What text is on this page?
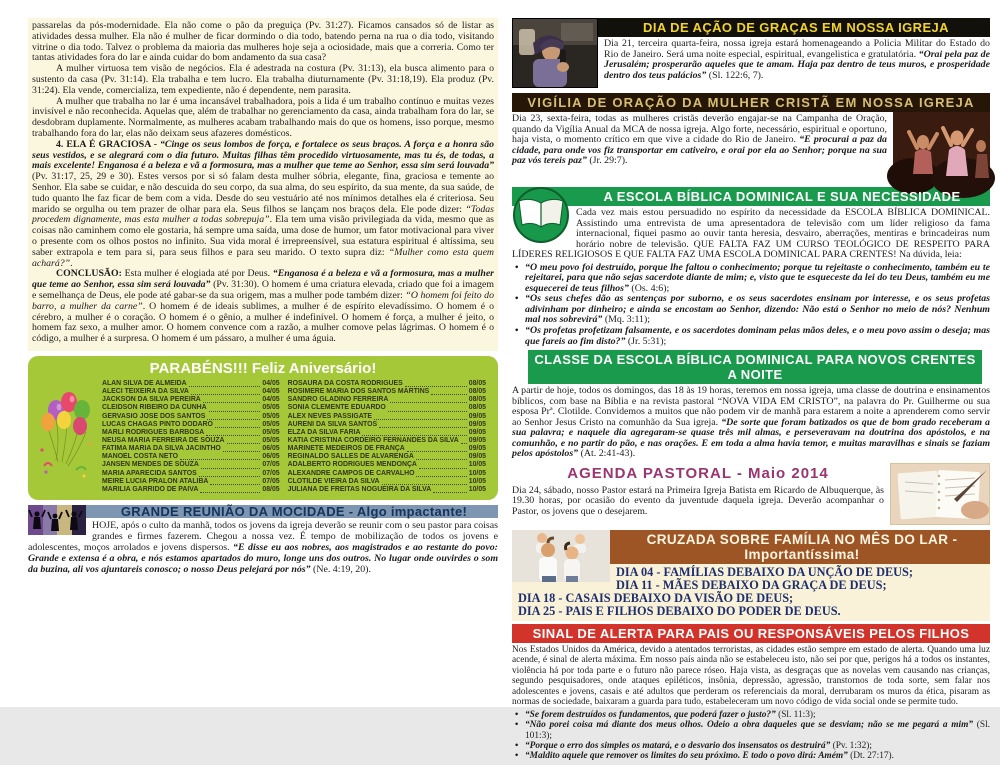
passarelas da pós-modernidade. Ela não come o pão da preguiça (Pv. 31:27). Ficamos cansados só de listar as atividades dessa mulher. Ela não é mulher de ficar dormindo o dia todo, batendo perna na rua o dia todo, visitando vitrine o dia todo. Talvez o problema da maioria das mulheres hoje seja a ociosidade, mais que a correria. Como ter tantas atividades fora do lar e ainda cuidar do bom andamento da sua casa?

A mulher virtuosa tem visão de negócios. Ela é adestrada na costura (Pv. 31:13), ela busca alimento para o sustento da casa (Pv. 31:14). Ela trabalha e tem lucro. Ela trabalha diuturnamente (Pv. 31:18,19). Ela produz (Pv. 31:24). Ela vende, comercializa, tem expediente, não é dependente, nem parasita.

A mulher que trabalha no lar é uma incansável trabalhadora, pois a lida é um trabalho contínuo e muitas vezes invisível e não reconhecida. Aquelas que, além de trabalhar no gerenciamento da casa, ainda trabalham fora do lar, se desdobram duplamente. Normalmente, as mulheres acabam trabalhando mais do que os homens, isso porque, mesmo trabalhando fora do lar, elas não deixam seus afazeres domésticos.

4. ELA É GRACIOSA - “Cinge os seus lombos de força, e fortalece os seus braços. A força e a honra são seus vestidos, e se alegrará com o dia futuro. Muitas filhas têm procedido virtuosamente, mas tu és, de todas, a mais excelente! Enganosa é a beleza e vã a formosura, mas a mulher que teme ao Senhor, essa sim será louvada” (Pv. 31:17, 25, 29 e 30). Estes versos por si só falam desta mulher sóbria, elegante, fina, graciosa e temente ao Senhor. Ela sabe se cuidar, e não descuida do seu corpo, da sua alma, do seu espírito, da sua mente, da sua saúde, de tudo quanto lhe faz ficar de bem com a vida. Desde do seu vestuário até nos mínimos detalhes ela é criteriosa. Seu marido se orgulha ou tem prazer de olhar para ela. Seus filhos se lançam nos braços dela. Ele pode dizer: “Todas procedem dignamente, mas esta mulher a todas sobrepuja”. Ela tem uma visão privilegiada da vida, mesmo que as coisas não caminhem como ele gostaria, há sempre uma saída, uma dose de humor, um fator motivacional para viver o presente com os olhos postos no infinito. Sua vida moral é irrepreensível, sua estatura espiritual é altíssima, seu saber extrapola e tem para si, para seus filhos e para seu marido. O texto supra diz: “Mulher como esta quem achará?”.

CONCLUSÃO: Esta mulher é elogiada até por Deus. “Enganosa é a beleza e vã a formosura, mas a mulher que teme ao Senhor, essa sim será louvada” (Pv. 31:30). O homem é uma criatura elevada, criado que foi a imagem e semelhança de Deus, ele pode até gabar-se da sua origem, mas a mulher pode também dizer: “O homem foi feito do barro, a mulher da carne”. O homem é de ideais sublimes, a mulher é de espírito elevadíssimo. O homem é o cérebro, a mulher é o coração. O homem é o gênio, a mulher é indefinível. O homem é força, a mulher é jeito, o homem faz sexo, a mulher amor. O homem convence com a razão, a mulher comove pelas lágrimas. O homem é o código, a mulher é a surpresa. O homem é um pássaro, a mulher é uma águia.

PARABÉNS!!! Feliz Aniversário!
ALAN SILVA DE ALMEIDA	04/05
ALECI TEIXEIRA DA SILVA	04/05
JACKSON DA SILVA PEREIRA	04/05
CLEIDSON RIBEIRO DA CUNHA	05/05
GERVASIO JOSE DOS SANTOS	05/05
LUCAS CHAGAS PINTO DODARO	05/05
MARLI RODRIGUES BARBOSA	05/05
NEUSA MARIA FERREIRA DE SOUZA	05/05
FATIMA MARIA DA SILVA JACINTHO	06/05
MANOEL COSTA NETO	06/05
JANSEN MENDES DE SOUZA	07/05
MARIA APARECIDA SANTOS	07/05
MEIRE LUCIA PRALON ATALIBA	07/05
MARILIA GARRIDO DE PAIVA	08/05
ROSAURA DA COSTA RODRIGUES	08/05
ROSIMERE MARIA DOS SANTOS MARTINS	08/05
SANDRO GLADINO FERREIRA	08/05
SONIA CLEMENTE EDUARDO	08/05
ALEX NEVES PASSIGATE	09/05
AURENI DA SILVA SANTOS	09/05
ELZA DA SILVA FARIA	09/05
KATIA CRISTINA CORDEIRO FERNANDES DA SILVA 09/05
MARINETE MEDEIROS DE FRANÇA	09/05
REGINALDO SALLES DE ALVARENGA	09/05
ADALBERTO RODRIGUES MENDONÇA	10/05
ALEXANDRE CAMPOS DE CARVALHO	10/05
CLOTILDE VIEIRA DA SILVA	10/05
JULIANA DE FREITAS NOGUEIRA DA SILVA	10/05
GRANDE REUNIÃO DA MOCIDADE - Algo impactante!
HOJE, após o culto da manhã, todos os jovens da igreja deverão se reunir com o seu pastor para coisas grandes e firmes fazerem. Chegou a nossa vez. É tempo de mobilização de todos os jovens e adolescentes, moços arrolados e jovens dispersos. “E disse eu aos nobres, aos magistrados e ao restante do povo: Grande e extensa é a obra, e nós estamos apartados do muro, longe uns dos outros. No lugar onde ouvirdes o som da buzina, ali vos ajuntareis conosco; o nosso Deus pelejará por nós” (Ne. 4:19, 20).
DIA DE AÇÃO DE GRAÇAS EM NOSSA IGREJA
Dia 21, terceira quarta-feira, nossa igreja estará homenageando a Policia Militar do Estado do Rio de Janeiro. Será uma noite especial, espiritual, evangelistica e gratulatória. “Orai pela paz de Jerusalém; prosperarão aqueles que te amam. Haja paz dentro de teus muros, e prosperidade dentro dos teus palácios” (Sl. 122:6, 7).
VIGÍLIA DE ORAÇÃO DA MULHER CRISTÃ EM NOSSA IGREJA
Dia 23, sexta-feira, todas as mulheres cristãs deverão engajar-se na Campanha de Oração, quando da Vigília Anual da MCA de nossa igreja. Algo forte, necessário, espiritual e oportuno, haja vista, o momento crítico em que vive a cidade do Rio de Janeiro. “E procurai a paz da cidade, para onde vos fiz transportar em cativeiro, e orai por ela ao Senhor; porque na sua paz vós tereis paz” (Jr. 29:7).
A ESCOLA BÍBLICA DOMINICAL E SUA NECESSIDADE
Cada vez mais estou persuadido no espírito da necessidade da ESCOLA BÍBLICA DOMINICAL. Assistindo uma entrevista de uma apresentadora de televisão com um líder religioso da fama internacional, fiquei pasmo ao ouvir tanta heresia, desvairo, aberrações, mentiras e brincadeiras num horário nobre de televisão. QUE FALTA FAZ UM CURSO TEOLÓGICO DE RESPEITO PARA LÍDERES RELIGIOSOS E QUE FALTA FAZ UMA ESCOLA DOMINICAL PARA CRENTES! Na dúvida, leia:
• “O meu povo foi destruído, porque lhe faltou o conhecimento; porque tu rejeitaste o conhecimento, também eu te rejeitarei, para que não sejas sacerdote diante de mim; e, visto que te esqueceste da lei do teu Deus, também eu me esquecerei de teus filhos” (Os. 4:6);
• “Os seus chefes dão as sentenças por suborno, e os seus sacerdotes ensinam por interesse, e os seus profetas adivinham por dinheiro; e ainda se encostam ao Senhor, dizendo: Não está o Senhor no meio de nós? Nenhum mal nos sobrevirá” (Mq. 3:11);
• “Os profetas profetizam falsamente, e os sacerdotes dominam pelas mãos deles, e o meu povo assim o deseja; mas que fareis ao fim disto?” (Jr. 5:31);
CLASSE DA ESCOLA BÍBLICA DOMINICAL PARA NOVOS CRENTES A NOITE
A partir de hoje, todos os domingos, das 18 às 19 horas, teremos em nossa igreja, uma classe de doutrina e ensinamentos bíblicos, com base na Bíblia e na revista pastoral “NOVA VIDA EM CRISTO”, na palavra do Pr. Guilherme ou sua esposa Prª. Clotilde. Convidemos a muitos que não podem vir de manhã para estarem a noite a aprenderem como servir ao Senhor Jesus Cristo na comunhão da Sua igreja. “De sorte que foram batizados os que de bom grado receberam a sua palavra; e naquele dia agregaram-se quase três mil almas, e perseveravam na doutrina dos apóstolos, e na comunhão, e no partir do pão, e nas orações. E em toda a alma havia temor, e muitas maravilhas e sinais se faziam pelos apóstolos” (At. 2:41-43).
AGENDA PASTORAL - Maio 2014
Dia 24, sábado, nosso Pastor estará na Primeira Igreja Batista em Ricardo de Albuquerque, às 19.30 horas, por ocasião do evento da juventude daquela igreja. Deverão acompanhar o Pastor, os jovens que o desejarem.
CRUZADA SOBRE FAMÍLIA NO MÊS DO LAR - Importantíssima!
DIA 04 - FAMÍLIAS DEBAIXO DA UNÇÃO DE DEUS;
DIA 11 - MÃES DEBAIXO DA GRAÇA DE DEUS;
DIA 18 - CASAIS DEBAIXO DA VISÃO DE DEUS;
DIA 25 - PAIS E FILHOS DEBAIXO DO PODER DE DEUS.
SINAL DE ALERTA PARA PAIS OU RESPONSÁVEIS PELOS FILHOS
Nos Estados Unidos da América, devido a atentados terroristas, as cidades estão sempre em estado de alerta. Quando uma luz acende, é sinal de alerta máxima. Em nosso país ainda não se estabeleceu isto, não sei por que, perigos há a todos os instantes, violência há por toda parte e o futuro não parece róseo. Haja vista, as desgraças que as novelas vem causando nas crianças, segundo pesquisadores, onde ataques epiléticos, insônia, depressão, agressão, transtornos de toda sorte, sem falar nos adolescentes e jovens, casais e até adultos que perderam os referenciais da moral, derrubaram os muros da ética, pisaram as normas de sociedade, baixaram a guarda para tudo, estabeleceram um novo código de vida social onde se permite tudo.
• “Se forem destruídos os fundamentos, que poderá fazer o justo?” (Sl. 11:3);
• “Não porei coisa má diante dos meus olhos. Odeio a obra daqueles que se desviam; não se me pegará a mim” (Sl. 101:3);
• “Porque o erro dos simples os matará, e o desvario dos insensatos os destruirá” (Pv. 1:32);
• “Maldito aquele que remover os limites do seu próximo. E todo o povo dirá: Amém” (Dt. 27:17).
